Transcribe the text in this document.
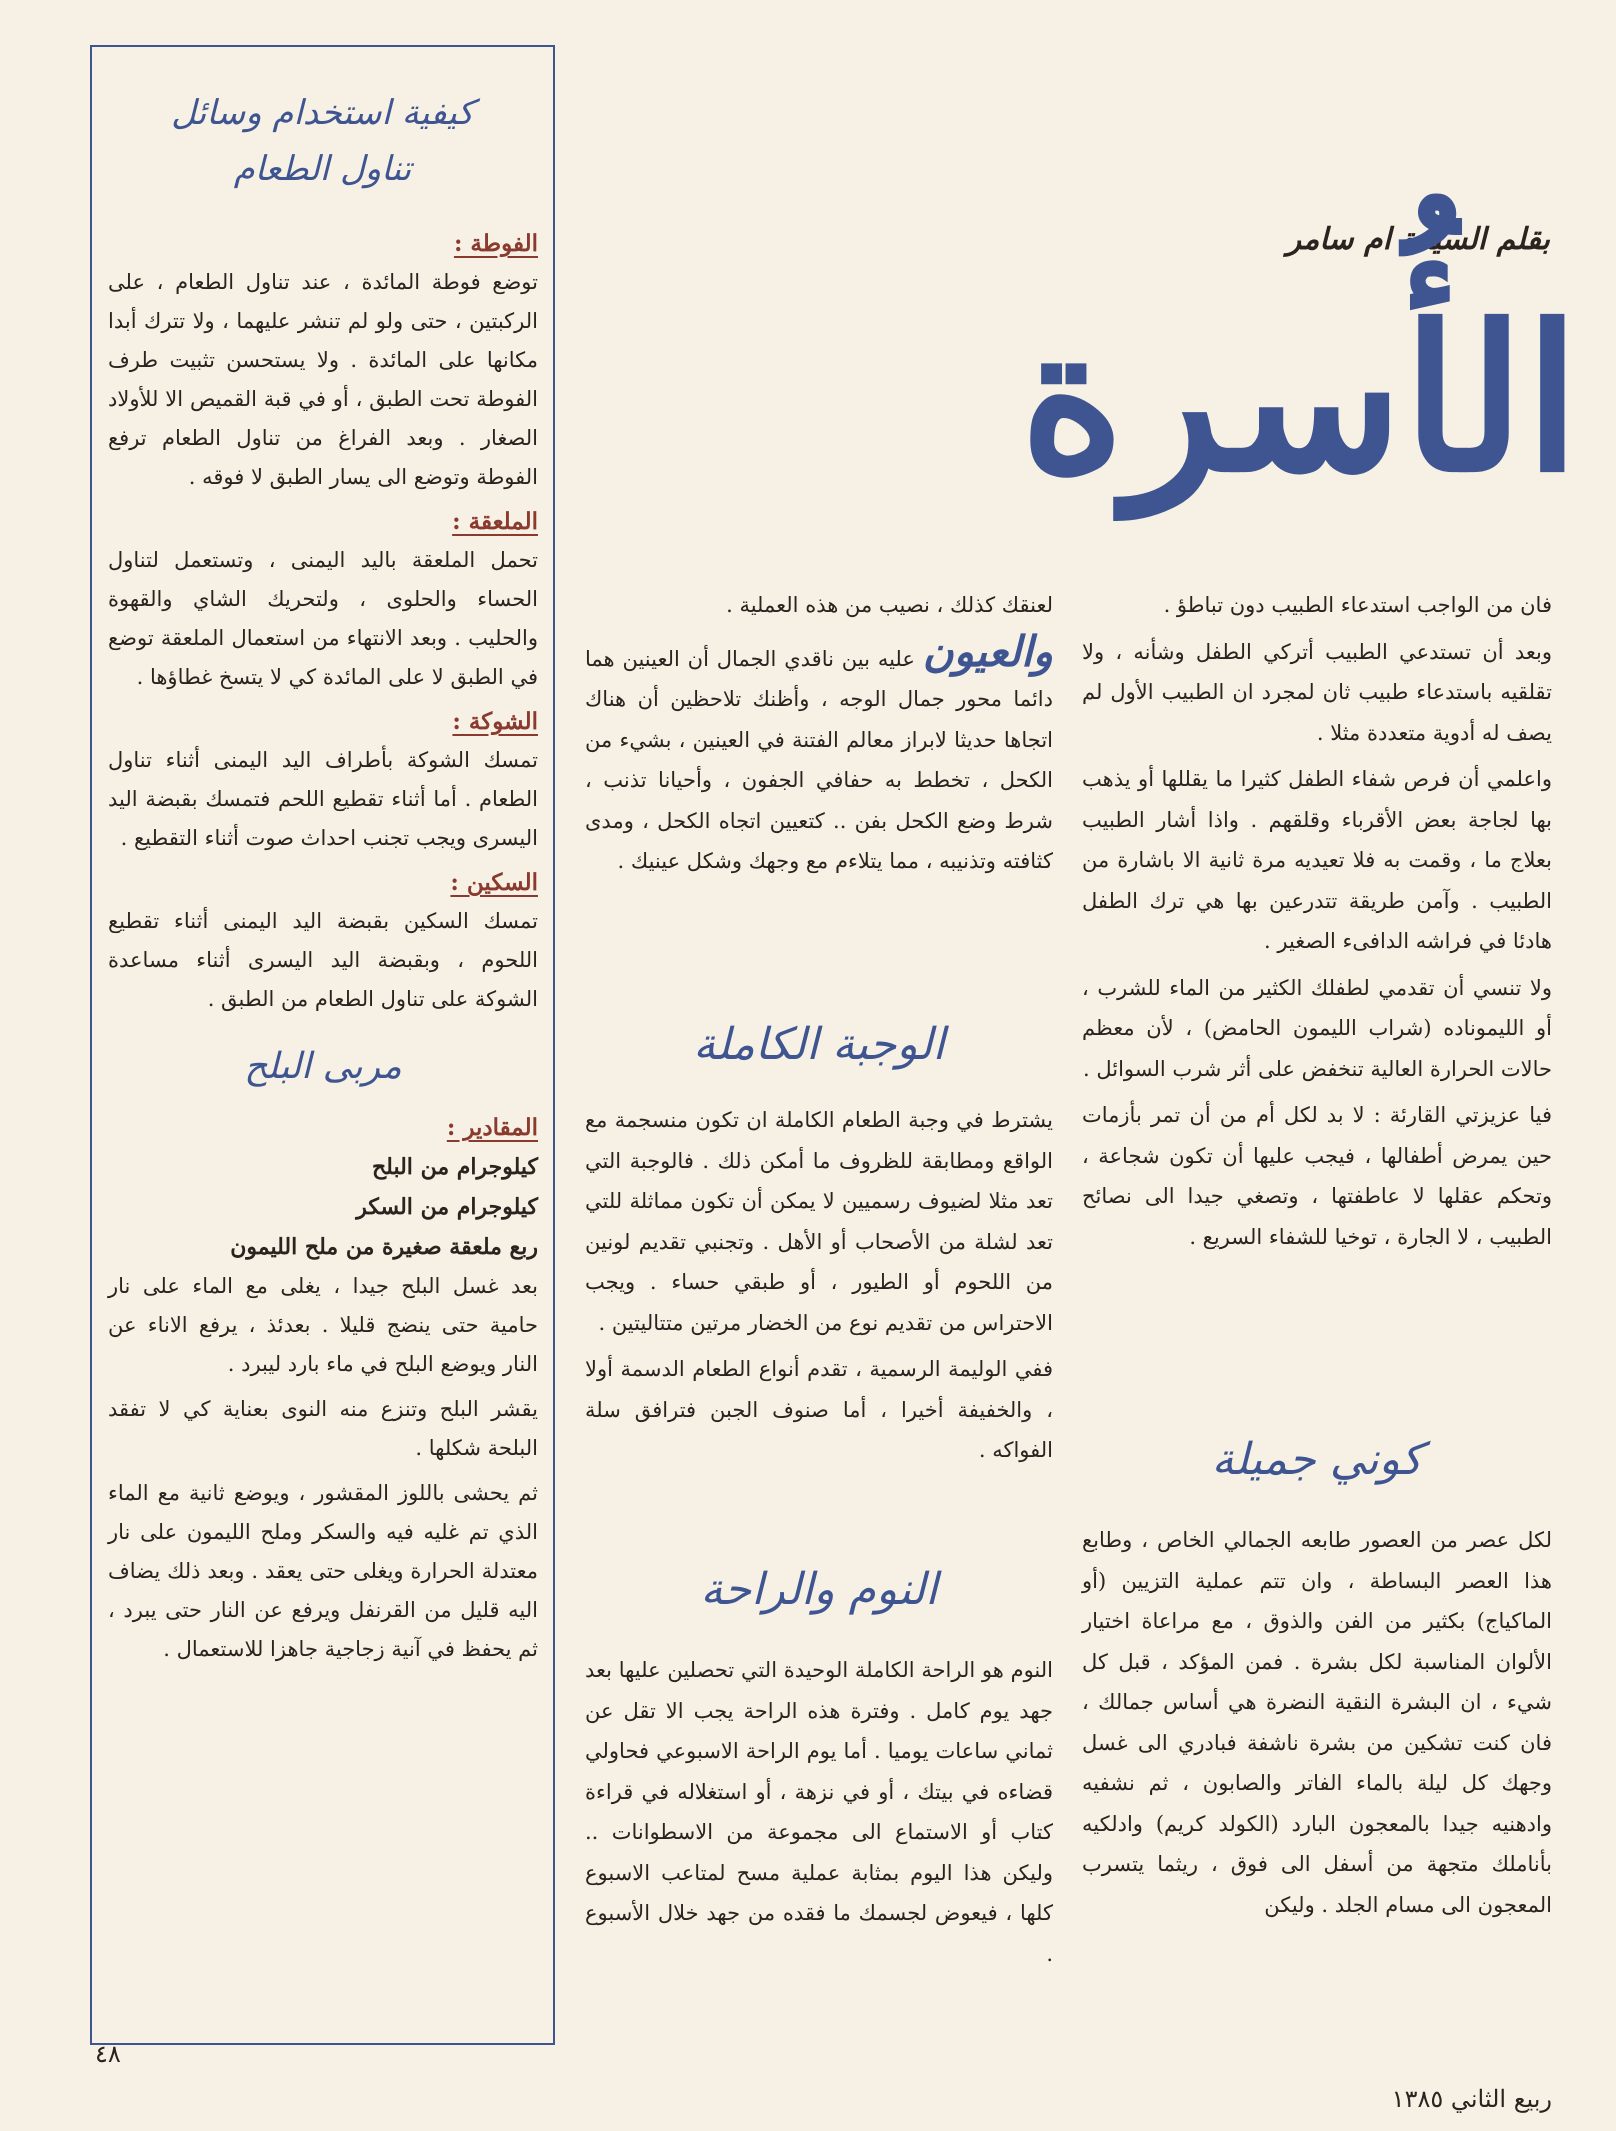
بقلم السيدة ام سامر
الأُسرة

فان من الواجب استدعاء الطبيب دون تباطؤ .

وبعد أن تستدعي الطبيب أتركي الطفل وشأنه ، ولا تقلقيه باستدعاء طبيب ثان لمجرد ان الطبيب الأول لم يصف له أدوية متعددة مثلا .

واعلمي أن فرص شفاء الطفل كثيرا ما يقللها أو يذهب بها لجاجة بعض الأقرباء وقلقهم . واذا أشار الطبيب بعلاج ما ، وقمت به فلا تعيديه مرة ثانية الا باشارة من الطبيب . وآمن طريقة تتدرعين بها هي ترك الطفل هادئا في فراشه الدافىء الصغير .

ولا تنسي أن تقدمي لطفلك الكثير من الماء للشرب ، أو الليموناده (شراب الليمون الحامض) ، لأن معظم حالات الحرارة العالية تنخفض على أثر شرب السوائل .

فيا عزيزتي القارئة : لا بد لكل أم من أن تمر بأزمات حين يمرض أطفالها ، فيجب عليها أن تكون شجاعة ، وتحكم عقلها لا عاطفتها ، وتصغي جيدا الى نصائح الطبيب ، لا الجارة ، توخيا للشفاء السريع .

كوني جميلة

لكل عصر من العصور طابعه الجمالي الخاص ، وطابع هذا العصر البساطة ، وان تتم عملية التزيين (أو الماكياج) بكثير من الفن والذوق ، مع مراعاة اختيار الألوان المناسبة لكل بشرة . فمن المؤكد ، قبل كل شيء ، ان البشرة النقية النضرة هي أساس جمالك ، فان كنت تشكين من بشرة ناشفة فبادري الى غسل وجهك كل ليلة بالماء الفاتر والصابون ، ثم نشفيه وادهنيه جيدا بالمعجون البارد (الكولد كريم) وادلكيه بأناملك متجهة من أسفل الى فوق ، ريثما يتسرب المعجون الى مسام الجلد . وليكن

لعنقك كذلك ، نصيب من هذه العملية .

والعيون عليه بين ناقدي الجمال أن العينين هما دائما محور جمال الوجه ، وأظنك تلاحظين أن هناك اتجاها حديثا لابراز معالم الفتنة في العينين ، بشيء من الكحل ، تخطط به حفافي الجفون ، وأحيانا تذنب ، شرط وضع الكحل بفن .. كتعيين اتجاه الكحل ، ومدى كثافته وتذنيبه ، مما يتلاءم مع وجهك وشكل عينيك .

الوجبة الكاملة

يشترط في وجبة الطعام الكاملة ان تكون منسجمة مع الواقع ومطابقة للظروف ما أمكن ذلك . فالوجبة التي تعد مثلا لضيوف رسميين لا يمكن أن تكون مماثلة للتي تعد لشلة من الأصحاب أو الأهل . وتجنبي تقديم لونين من اللحوم أو الطيور ، أو طبقي حساء . ويجب الاحتراس من تقديم نوع من الخضار مرتين متتاليتين .

ففي الوليمة الرسمية ، تقدم أنواع الطعام الدسمة أولا ، والخفيفة أخيرا ، أما صنوف الجبن فترافق سلة الفواكه .

النوم والراحة

النوم هو الراحة الكاملة الوحيدة التي تحصلين عليها بعد جهد يوم كامل . وفترة هذه الراحة يجب الا تقل عن ثماني ساعات يوميا . أما يوم الراحة الاسبوعي فحاولي قضاءه في بيتك ، أو في نزهة ، أو استغلاله في قراءة كتاب أو الاستماع الى مجموعة من الاسطوانات .. وليكن هذا اليوم بمثابة عملية مسح لمتاعب الاسبوع كلها ، فيعوض لجسمك ما فقده من جهد خلال الأسبوع .

كيفية استخدام وسائل
تناول الطعام
الفوطة :

توضع فوطة المائدة ، عند تناول الطعام ، على الركبتين ، حتى ولو لم تنشر عليهما ، ولا تترك أبدا مكانها على المائدة . ولا يستحسن تثبيت طرف الفوطة تحت الطبق ، أو في قبة القميص الا للأولاد الصغار . وبعد الفراغ من تناول الطعام ترفع الفوطة وتوضع الى يسار الطبق لا فوقه .

الملعقة :

تحمل الملعقة باليد اليمنى ، وتستعمل لتناول الحساء والحلوى ، ولتحريك الشاي والقهوة والحليب . وبعد الانتهاء من استعمال الملعقة توضع في الطبق لا على المائدة كي لا يتسخ غطاؤها .

الشوكة :

تمسك الشوكة بأطراف اليد اليمنى أثناء تناول الطعام . أما أثناء تقطيع اللحم فتمسك بقبضة اليد اليسرى ويجب تجنب احداث صوت أثناء التقطيع .

السكين :

تمسك السكين بقبضة اليد اليمنى أثناء تقطيع اللحوم ، وبقبضة اليد اليسرى أثناء مساعدة الشوكة على تناول الطعام من الطبق .

مربى البلح
المقادير :
كيلوجرام من البلح
كيلوجرام من السكر
ربع ملعقة صغيرة من ملح الليمون

بعد غسل البلح جيدا ، يغلى مع الماء على نار حامية حتى ينضج قليلا . بعدئذ ، يرفع الاناء عن النار ويوضع البلح في ماء بارد ليبرد .

يقشر البلح وتنزع منه النوى بعناية كي لا تفقد البلحة شكلها .

ثم يحشى باللوز المقشور ، ويوضع ثانية مع الماء الذي تم غليه فيه والسكر وملح الليمون على نار معتدلة الحرارة ويغلى حتى يعقد . وبعد ذلك يضاف اليه قليل من القرنفل ويرفع عن النار حتى يبرد ، ثم يحفظ في آنية زجاجية جاهزا للاستعمال .

٤٨
ربيع الثاني ١٣٨٥
